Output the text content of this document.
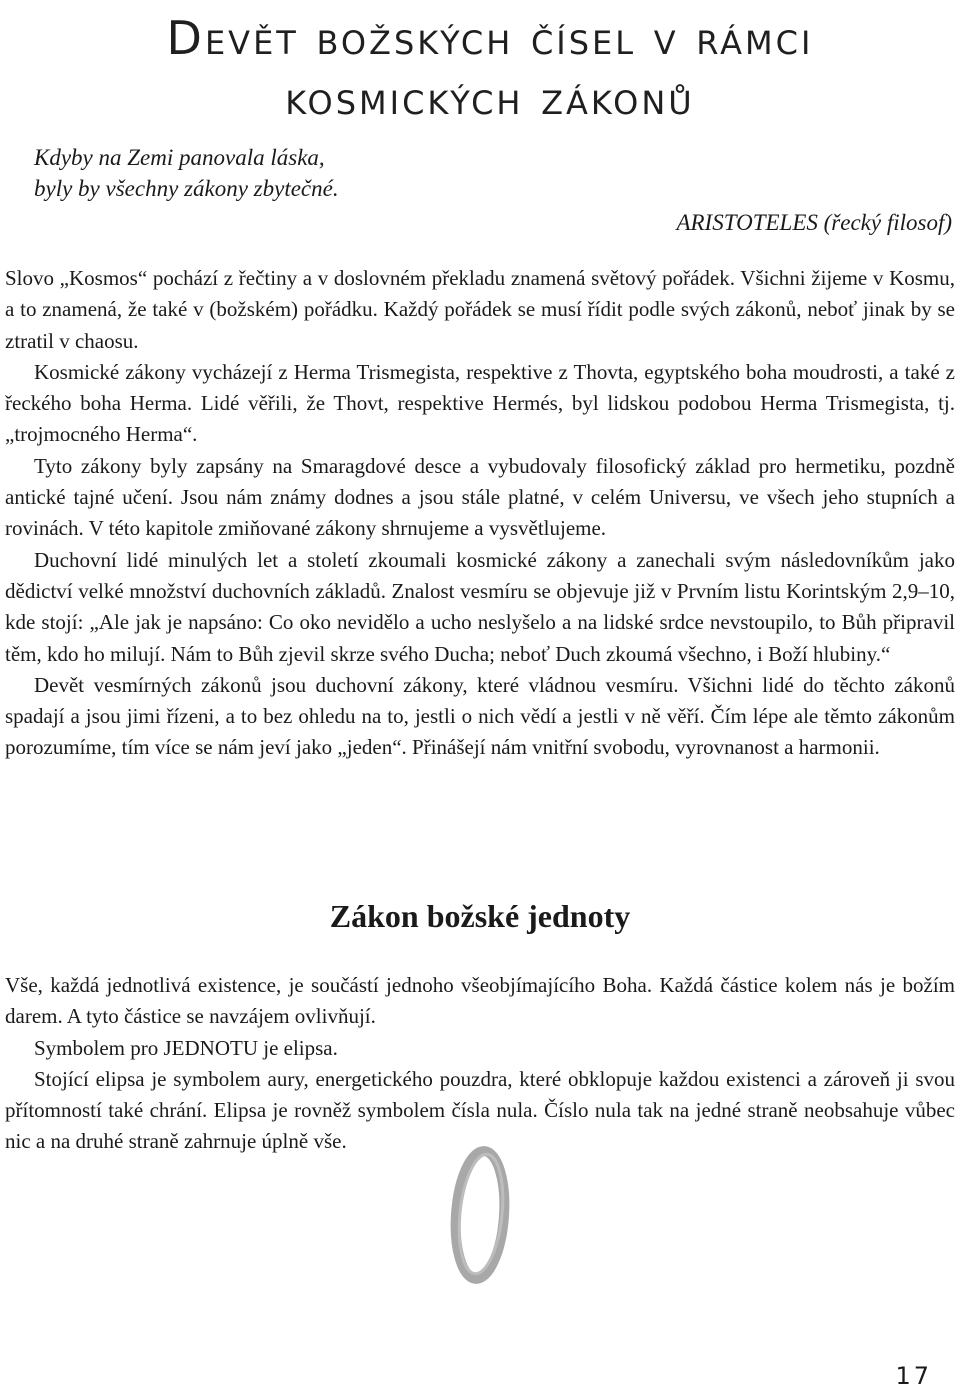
Devět božských čísel v rámci
kosmických zákonů
Kdyby na Zemi panovala láska,
byly by všechny zákony zbytečné.
ARISTOTELES (řecký filosof)

Slovo „Kosmos“ pochází z řečtiny a v doslovném překladu znamená světový pořádek. Všichni žijeme v Kosmu, a to znamená, že také v (božském) pořádku. Každý pořádek se musí řídit podle svých zákonů, neboť jinak by se ztratil v chaosu.

Kosmické zákony vycházejí z Herma Trismegista, respektive z Thovta, egyptského boha moudrosti, a také z řeckého boha Herma. Lidé věřili, že Thovt, respektive Hermés, byl lidskou podobou Herma Trismegista, tj. „trojmocného Herma“.

Tyto zákony byly zapsány na Smaragdové desce a vybudovaly filosofický základ pro hermetiku, pozdně antické tajné učení. Jsou nám známy dodnes a jsou stále platné, v celém Universu, ve všech jeho stupních a rovinách. V této kapitole zmiňované zákony shrnujeme a vysvětlujeme.

Duchovní lidé minulých let a století zkoumali kosmické zákony a zanechali svým následovníkům jako dědictví velké množství duchovních základů. Znalost vesmíru se objevuje již v Prvním listu Korintským 2,9–10, kde stojí: „Ale jak je napsáno: Co oko nevidělo a ucho neslyšelo a na lidské srdce nevstoupilo, to Bůh připravil těm, kdo ho milují. Nám to Bůh zjevil skrze svého Ducha; neboť Duch zkoumá všechno, i Boží hlubiny.“

Devět vesmírných zákonů jsou duchovní zákony, které vládnou vesmíru. Všichni lidé do těchto zákonů spadají a jsou jimi řízeni, a to bez ohledu na to, jestli o nich vědí a jestli v ně věří. Čím lépe ale těmto zákonům porozumíme, tím více se nám jeví jako „jeden“. Přinášejí nám vnitřní svobodu, vyrovnanost a harmonii.

Zákon božské jednoty

Vše, každá jednotlivá existence, je součástí jednoho všeobjímajícího Boha. Každá částice kolem nás je božím darem. A tyto částice se navzájem ovlivňují.

Symbolem pro JEDNOTU je elipsa.

Stojící elipsa je symbolem aury, energetického pouzdra, které obklopuje každou existenci a zároveň ji svou přítomností také chrání. Elipsa je rovněž symbolem čísla nula. Číslo nula tak na jedné straně neobsahuje vůbec nic a na druhé straně zahrnuje úplně vše.

17
